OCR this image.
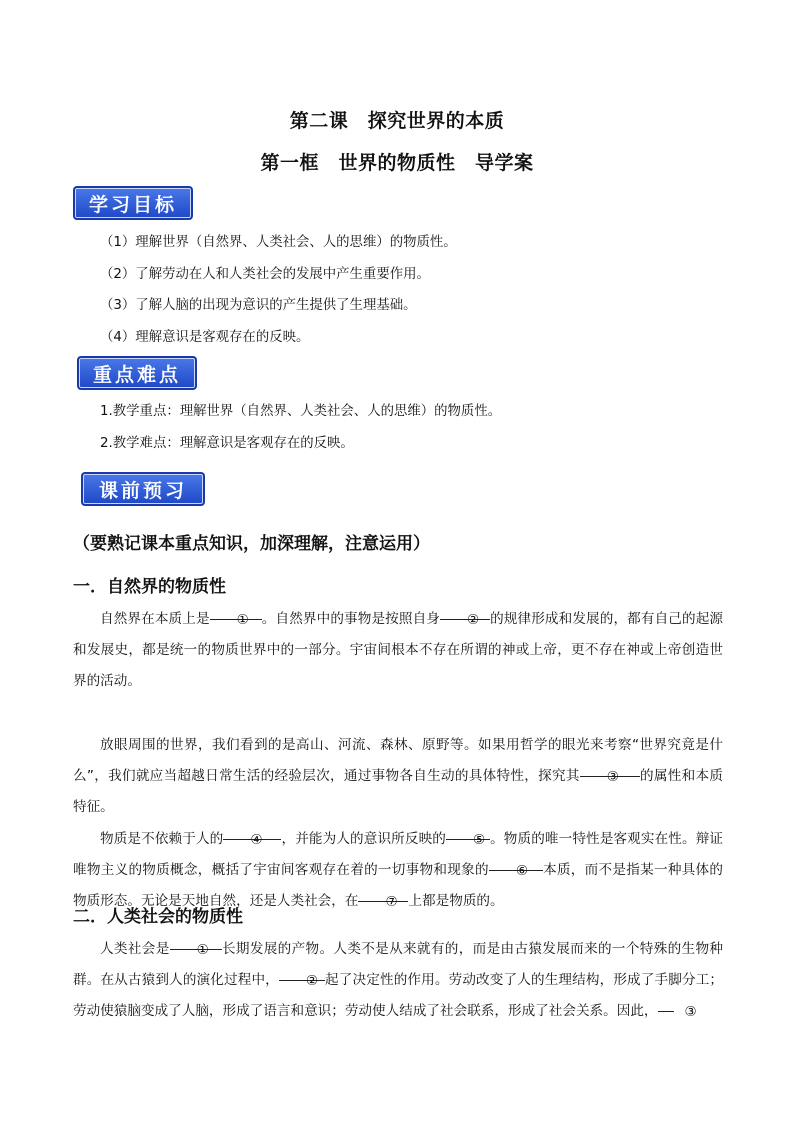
第二课　探究世界的本质
第一框　世界的物质性　导学案
学习目标
（1）理解世界（自然界、人类社会、人的思维）的物质性。
（2）了解劳动在人和人类社会的发展中产生重要作用。
（3）了解人脑的出现为意识的产生提供了生理基础。
（4）理解意识是客观存在的反映。
重点难点
1.教学重点：理解世界（自然界、人类社会、人的思维）的物质性。
2.教学难点：理解意识是客观存在的反映。
课前预习
（要熟记课本重点知识，加深理解，注意运用）
一．自然界的物质性
自然界在本质上是 ① 。自然界中的事物是按照自身 ② 的规律形成和发展的，都有自己的起源和发展史，都是统一的物质世界中的一部分。宇宙间根本不存在所谓的神或上帝，更不存在神或上帝创造世界的活动。
放眼周围的世界，我们看到的是高山、河流、森林、原野等。如果用哲学的眼光来考察“世界究竟是什么”，我们就应当超越日常生活的经验层次，通过事物各自生动的具体特性，探究其 ③ 的属性和本质特征。
物质是不依赖于人的 ④ ，并能为人的意识所反映的 ⑤ 。物质的唯一特性是客观实在性。辩证唯物主义的物质概念，概括了宇宙间客观存在着的一切事物和现象的 ⑥ 本质，而不是指某一种具体的物质形态。无论是天地自然，还是人类社会，在 ⑦ 上都是物质的。
二．人类社会的物质性
人类社会是 ① 长期发展的产物。人类不是从来就有的，而是由古猿发展而来的一个特殊的生物种群。在从古猿到人的演化过程中， ② 起了决定性的作用。劳动改变了人的生理结构，形成了手脚分工；劳动使猿脑变成了人脑，形成了语言和意识；劳动使人结成了社会联系，形成了社会关系。因此， ③
